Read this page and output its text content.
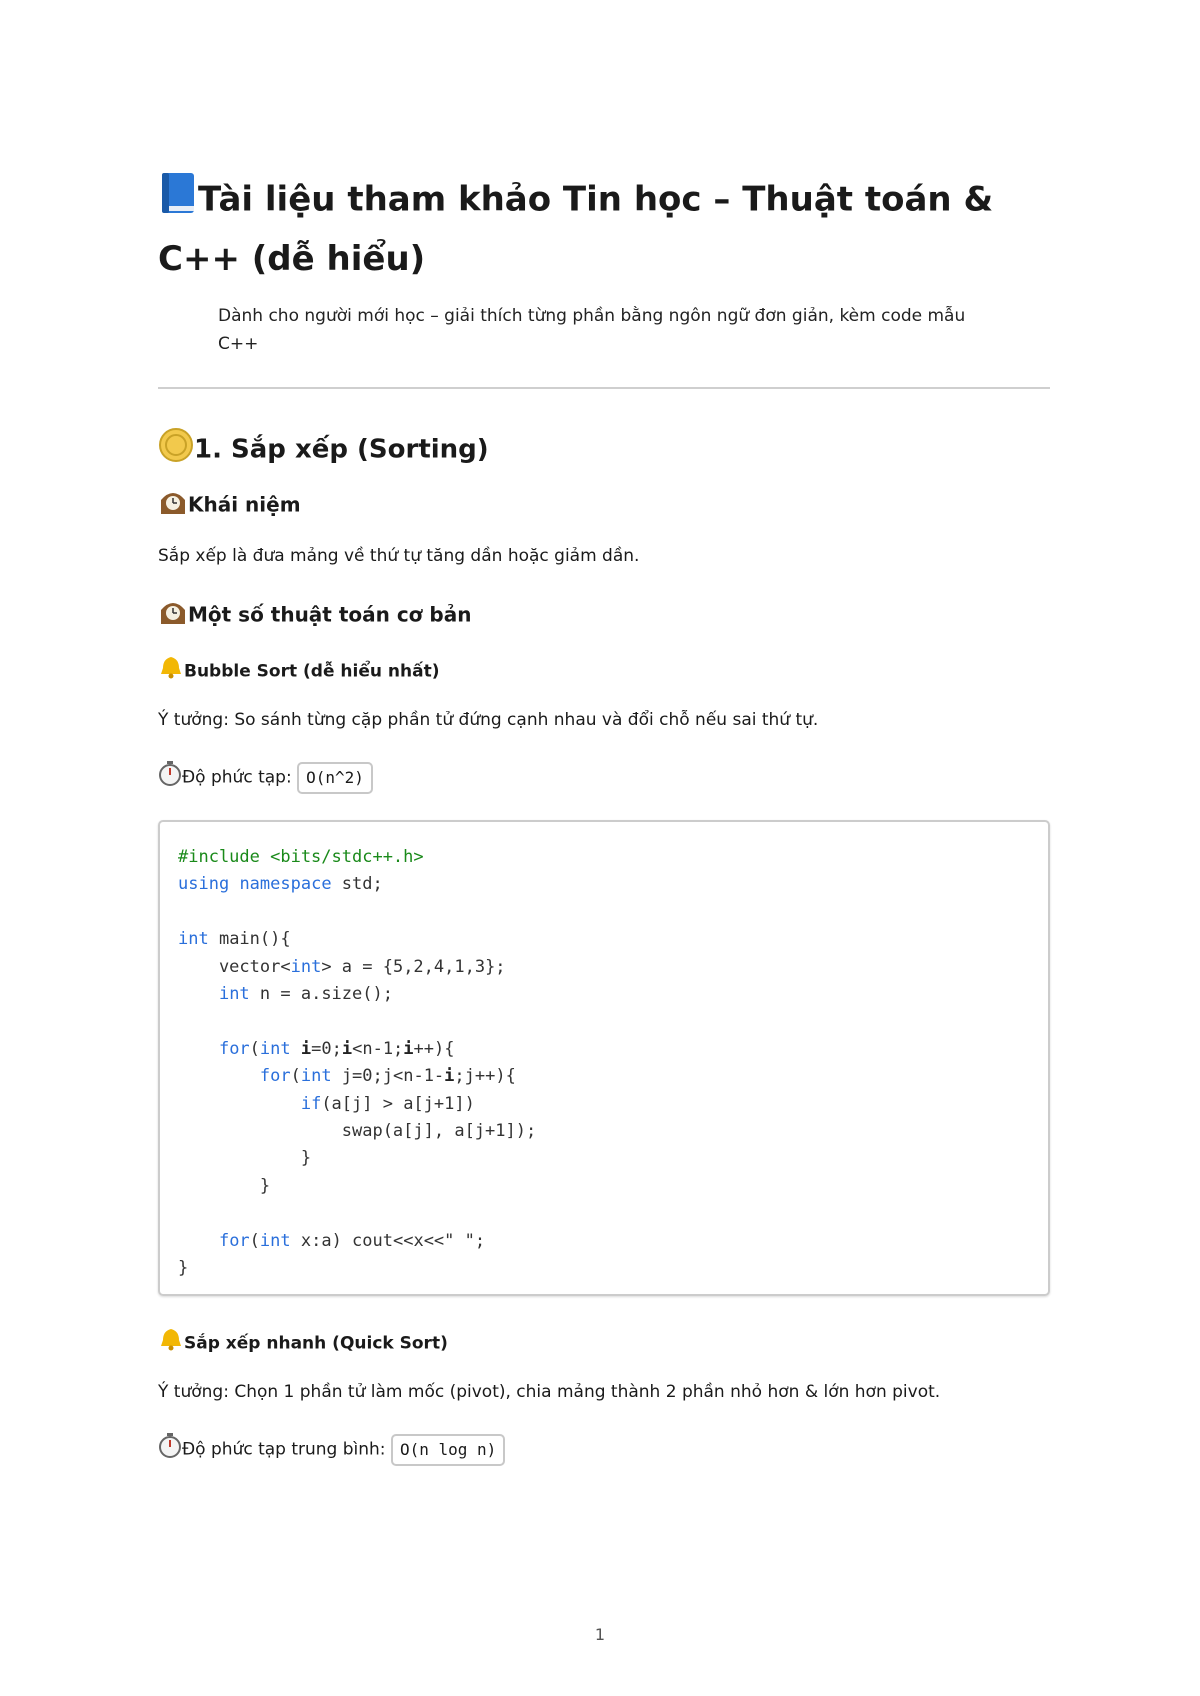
Tài liệu tham khảo Tin học – Thuật toán & C++ (dễ hiểu)
Dành cho người mới học – giải thích từng phần bằng ngôn ngữ đơn giản, kèm code mẫu C++
1. Sắp xếp (Sorting)
Khái niệm

Sắp xếp là đưa mảng về thứ tự tăng dần hoặc giảm dần.

Một số thuật toán cơ bản
Bubble Sort (dễ hiểu nhất)

Ý tưởng: So sánh từng cặp phần tử đứng cạnh nhau và đổi chỗ nếu sai thứ tự.

Độ phức tạp: O(n^2)

#include <bits/stdc++.h>
using namespace std;

int main(){
vector<int> a = {5,2,4,1,3};
int n = a.size();

for(int i=0;i<n-1;i++){
for(int j=0;j<n-1-i;j++){
if(a[j] > a[j+1])
swap(a[j], a[j+1]);
}
}

for(int x:a) cout<<x<<" ";
}
Sắp xếp nhanh (Quick Sort)

Ý tưởng: Chọn 1 phần tử làm mốc (pivot), chia mảng thành 2 phần nhỏ hơn & lớn hơn pivot.

Độ phức tạp trung bình: O(n log n)

1
